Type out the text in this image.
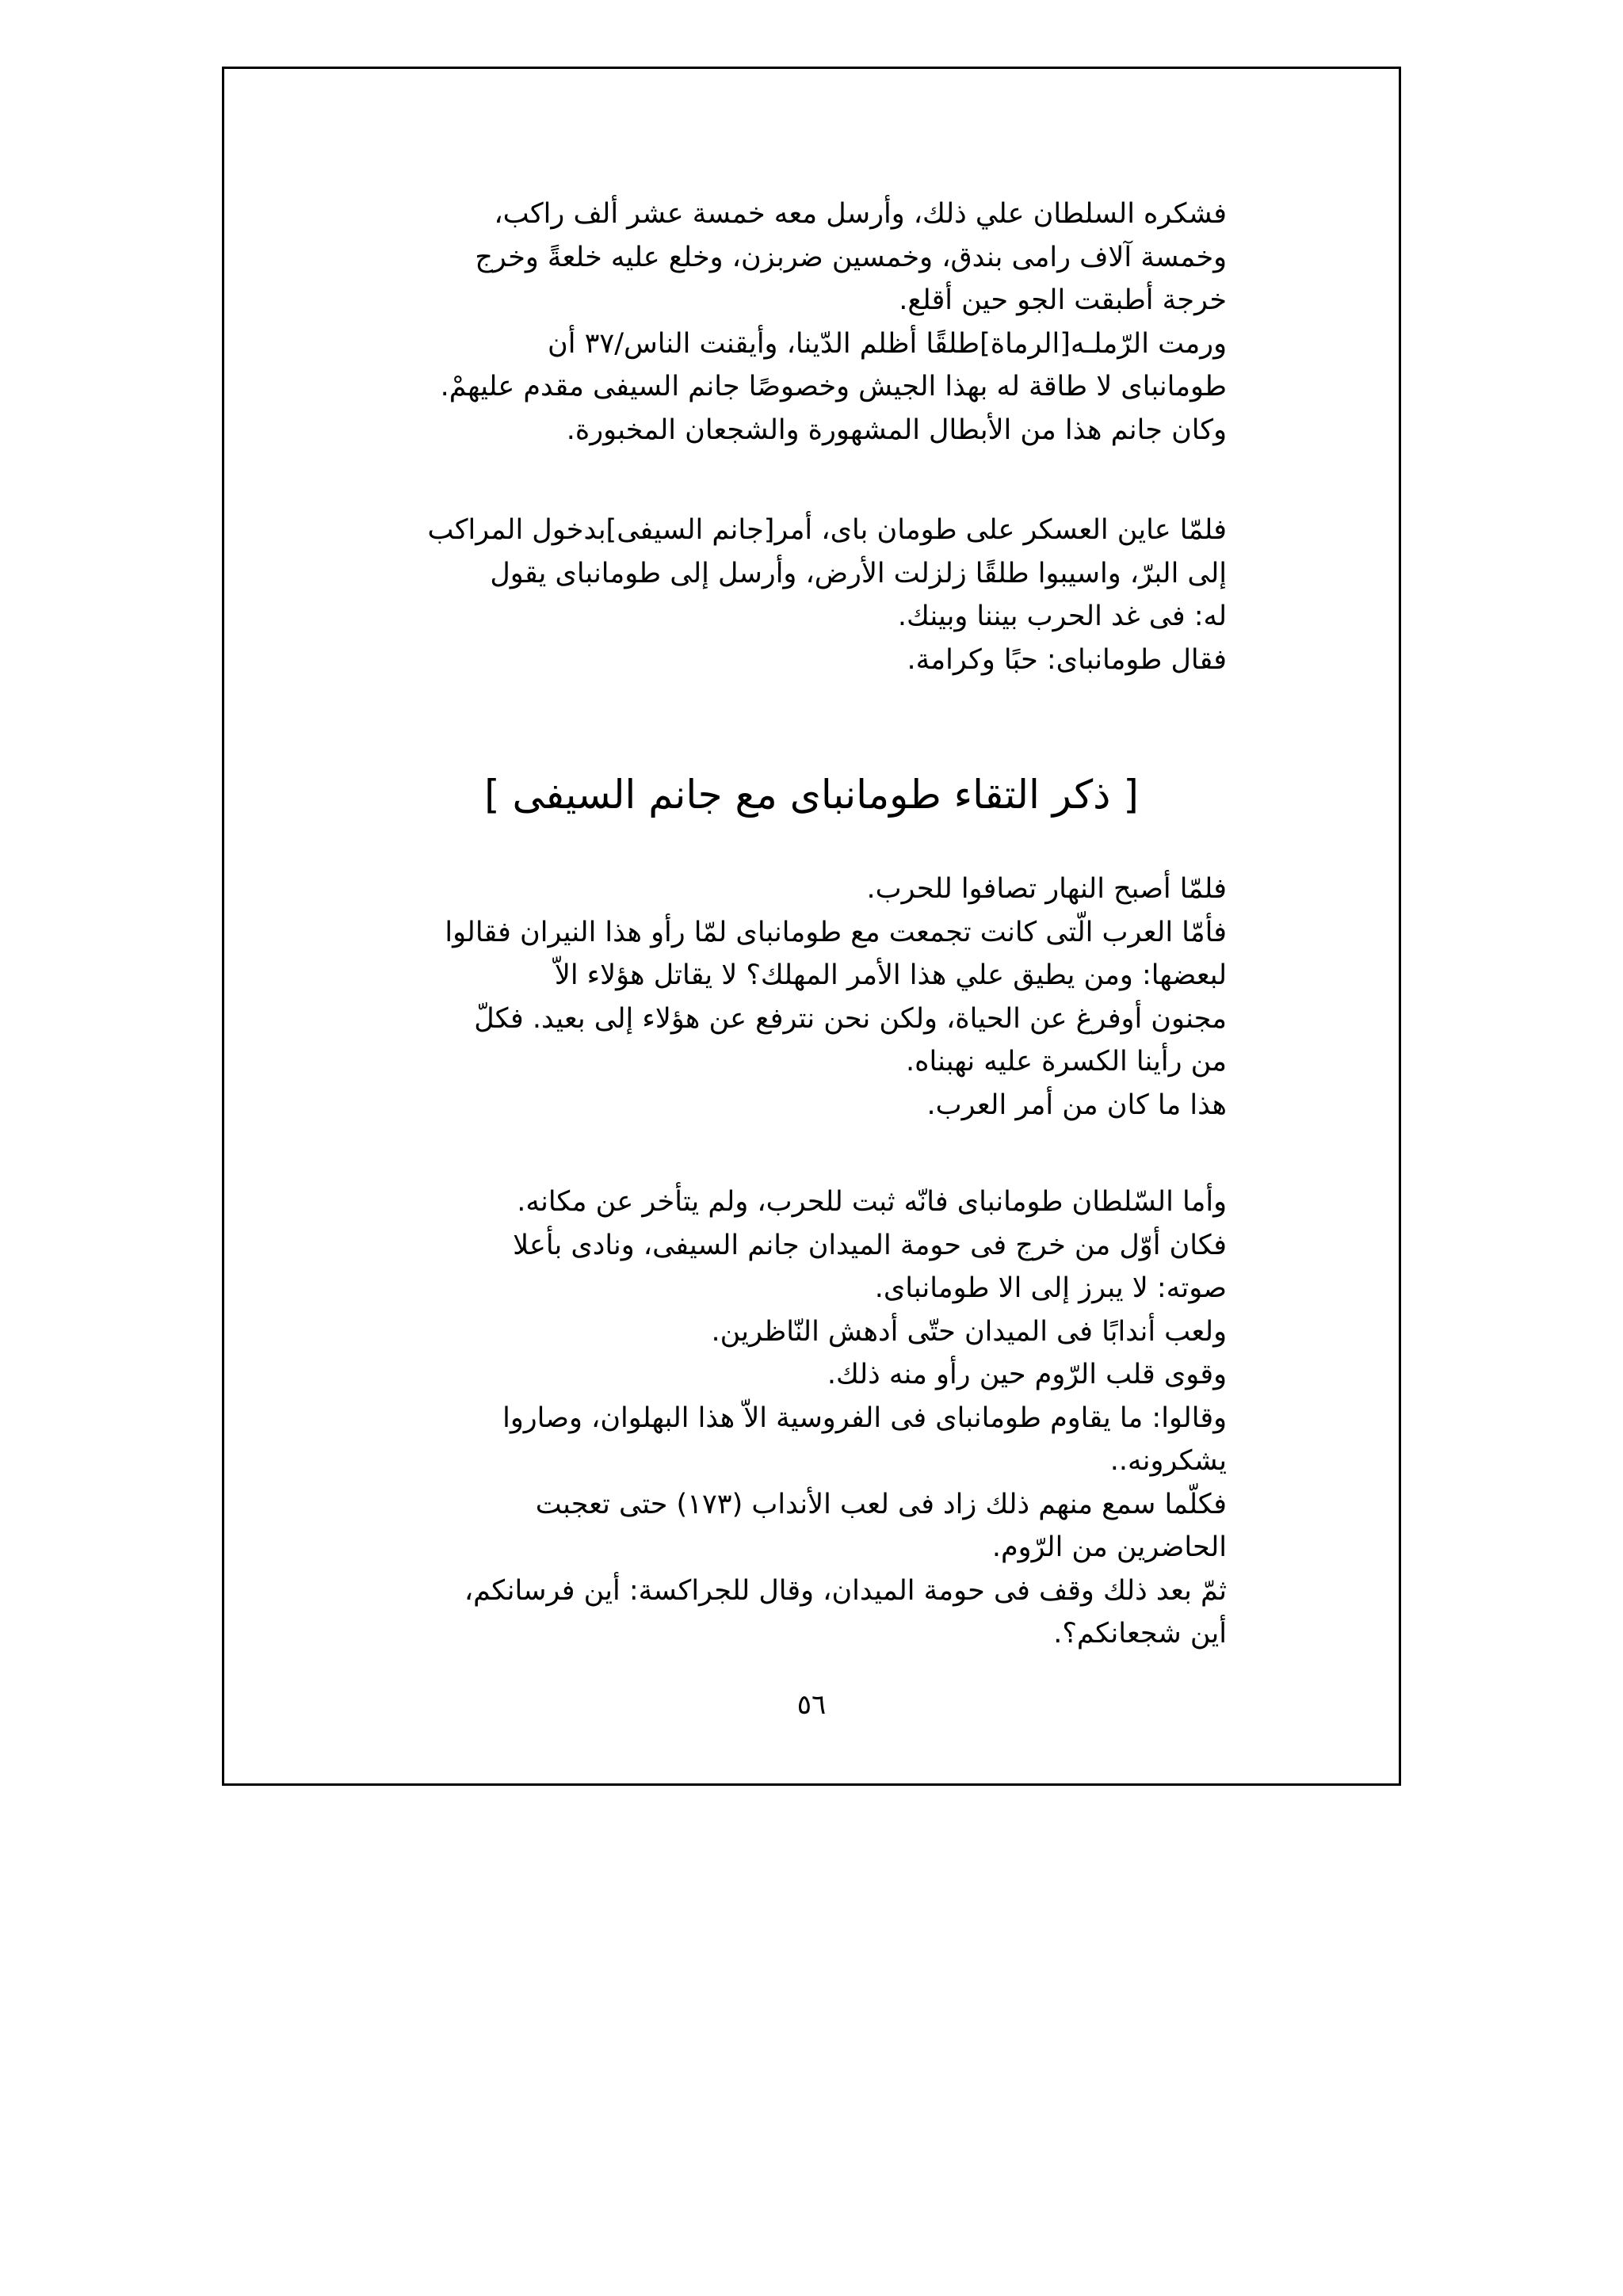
فشكره السلطان علي ذلك، وأرسل معه خمسة عشر ألف راكب،
وخمسة آلاف رامى بندق، وخمسين ضربزن، وخلع عليه خلعةً وخرج
خرجة أطبقت الجو حين أقلع.
ورمت الرّملـه[الرماة]طلقًا أظلم الدّينا، وأيقنت الناس/٣٧ أن
طومانباى لا طاقة له بهذا الجيش وخصوصًا جانم السيفى مقدم عليهمْ.
وكان جانم هذا من الأبطال المشهورة والشجعان المخبورة.
فلمّا عاين العسكر على طومان باى، أمر[جانم السيفى]بدخول المراكب
إلى البرّ، واسيبوا طلقًا زلزلت الأرض، وأرسل إلى طومانباى يقول
له: فى غد الحرب بيننا وبينك.
فقال طومانباى: حبًا وكرامة.
[ ذكر التقاء طومانباى مع جانم السيفى ]
فلمّا أصبح النهار تصافوا للحرب.
فأمّا العرب الّتى كانت تجمعت مع طومانباى لمّا رأو هذا النيران فقالوا
لبعضها: ومن يطيق علي هذا الأمر المهلك؟ لا يقاتل هؤلاء الاّ
مجنون أوفرغ عن الحياة، ولكن نحن نترفع عن هؤلاء إلى بعيد. فكلّ
من رأينا الكسرة عليه نهبناه.
هذا ما كان من أمر العرب.
وأما السّلطان طومانباى فانّه ثبت للحرب، ولم يتأخر عن مكانه.
فكان أوّل من خرج فى حومة الميدان جانم السيفى، ونادى بأعلا
صوته: لا يبرز إلى الا طومانباى.
ولعب أندابًا فى الميدان حتّى أدهش النّاظرين.
وقوى قلب الرّوم حين رأو منه ذلك.
وقالوا: ما يقاوم طومانباى فى الفروسية الاّ هذا البهلوان، وصاروا
يشكرونه..
فكلّما سمع منهم ذلك زاد فى لعب الأنداب (١٧٣) حتى تعجبت
الحاضرين من الرّوم.
ثمّ بعد ذلك وقف فى حومة الميدان، وقال للجراكسة: أين فرسانكم،
أين شجعانكم؟.
٥٦
